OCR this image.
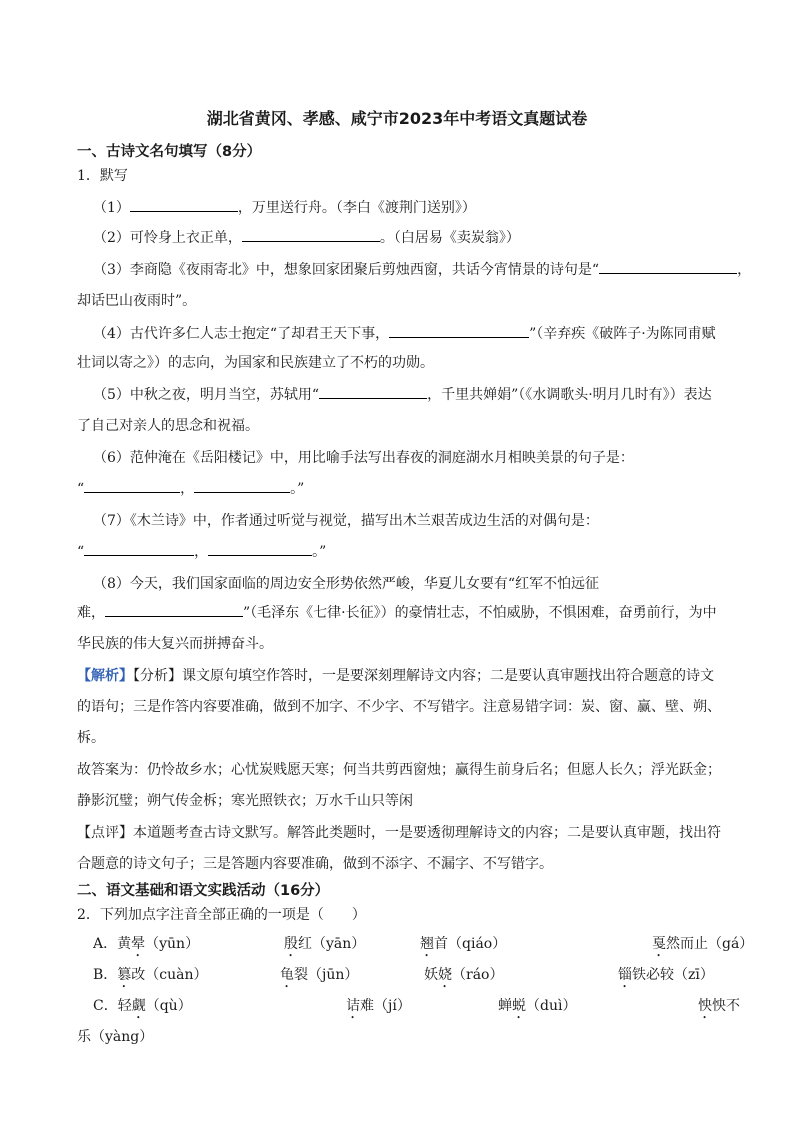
湖北省黄冈、孝感、咸宁市2023年中考语文真题试卷
一、古诗文名句填写（8分）
1．默写
（1）	，万里送行舟。（李白《渡荆门送别》）
（2）可怜身上衣正单，	。（白居易《卖炭翁》）
（3）李商隐《夜雨寄北》中，想象回家团聚后剪烛西窗，共话今宵情景的诗句是“	，
却话巴山夜雨时”。
（4）古代许多仁人志士抱定“了却君王天下事，	”（辛弃疾《破阵子·为陈同甫赋
壮词以寄之》）的志向，为国家和民族建立了不朽的功勋。
（5）中秋之夜，明月当空，苏轼用“	，千里共婵娟”（《水调歌头·明月几时有》）表达
了自己对亲人的思念和祝福。
（6）范仲淹在《岳阳楼记》中，用比喻手法写出春夜的洞庭湖水月相映美景的句子是：
“	，	。”
（7）《木兰诗》中，作者通过听觉与视觉，描写出木兰艰苦成边生活的对偶句是：
“	，	。”
（8）今天，我们国家面临的周边安全形势依然严峻，华夏儿女要有“红军不怕远征
难，	”（毛泽东《七律·长征》）的豪情壮志，不怕威胁，不惧困难，奋勇前行，为中
华民族的伟大复兴而拼搏奋斗。
【解析】【分析】课文原句填空作答时，一是要深刻理解诗文内容；二是要认真审题找出符合题意的诗文
的语句；三是作答内容要准确，做到不加字、不少字、不写错字。注意易错字词：炭、窗、赢、壁、朔、
柝。
故答案为：仍怜故乡水；心忧炭贱愿天寒；何当共剪西窗烛；赢得生前身后名；但愿人长久；浮光跃金；
静影沉璧；朔气传金柝；寒光照铁衣；万水千山只等闲
【点评】本道题考查古诗文默写。解答此类题时，一是要透彻理解诗文的内容；二是要认真审题，找出符
合题意的诗文句子；三是答题内容要准确，做到不添字、不漏字、不写错字。
二、语文基础和语文实践活动（16分）
2．下列加点字注音全部正确的一项是（　　）
A．黄晕（yūn）	殷红（yān）	翘首（qiáo）	戛然而止（gá）
B．篡改（cuàn）	龟裂（jūn）	妖娆（ráo）	锱铁必较（zī）
C．轻觑（qù）	诘难（jí）	蝉蜕（duì）	怏怏不
乐（yàng）
